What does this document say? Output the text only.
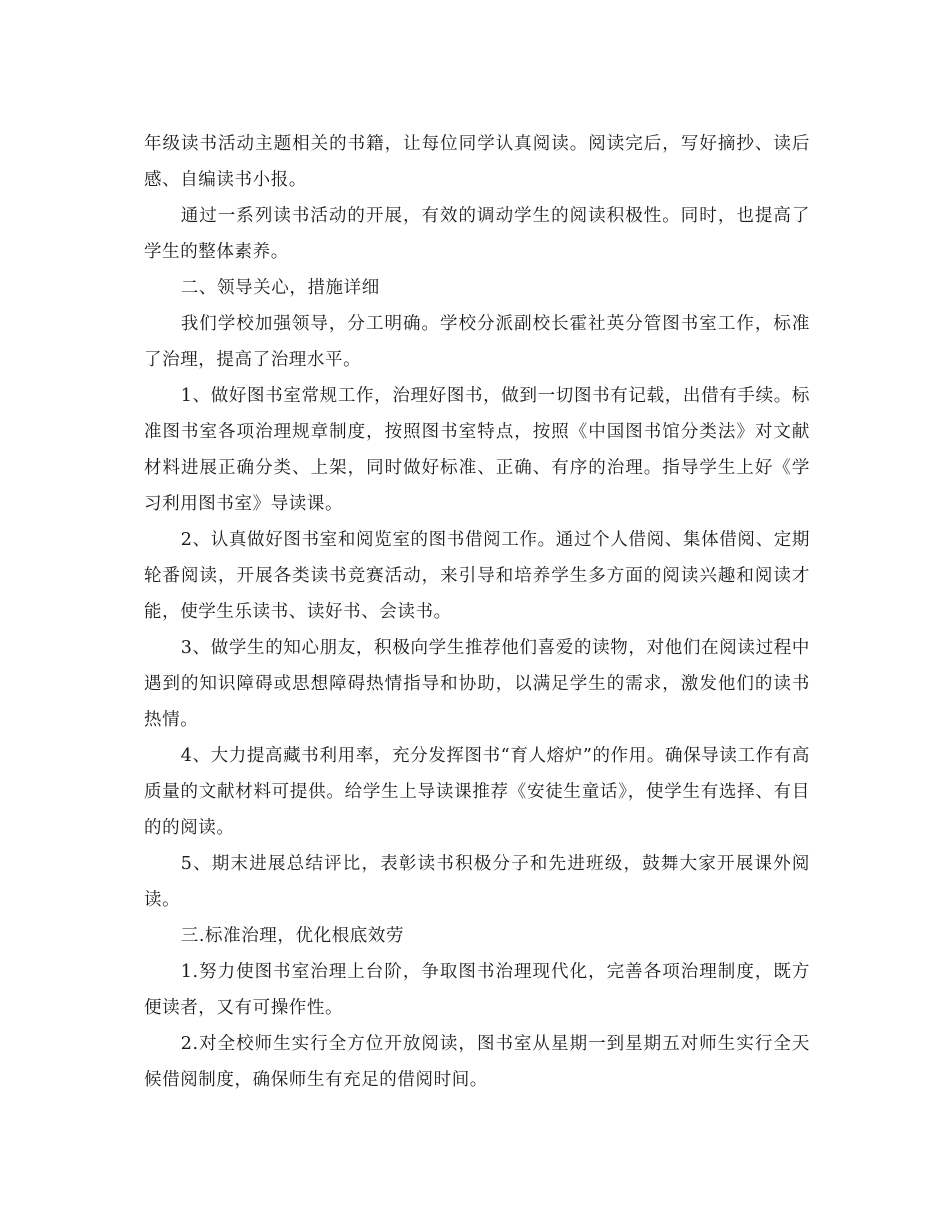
年级读书活动主题相关的书籍，让每位同学认真阅读。阅读完后，写好摘抄、读后感、自编读书小报。

通过一系列读书活动的开展，有效的调动学生的阅读积极性。同时，也提高了学生的整体素养。

二、领导关心，措施详细

我们学校加强领导，分工明确。学校分派副校长霍社英分管图书室工作，标准了治理，提高了治理水平。

1、做好图书室常规工作，治理好图书，做到一切图书有记载，出借有手续。标准图书室各项治理规章制度，按照图书室特点，按照《中国图书馆分类法》对文献材料进展正确分类、上架，同时做好标准、正确、有序的治理。指导学生上好《学习利用图书室》导读课。

2、认真做好图书室和阅览室的图书借阅工作。通过个人借阅、集体借阅、定期轮番阅读，开展各类读书竞赛活动，来引导和培养学生多方面的阅读兴趣和阅读才能，使学生乐读书、读好书、会读书。

3、做学生的知心朋友，积极向学生推荐他们喜爱的读物，对他们在阅读过程中遇到的知识障碍或思想障碍热情指导和协助，以满足学生的需求，激发他们的读书热情。

4、大力提高藏书利用率，充分发挥图书“育人熔炉”的作用。确保导读工作有高质量的文献材料可提供。给学生上导读课推荐《安徒生童话》，使学生有选择、有目的的阅读。

5、期末进展总结评比，表彰读书积极分子和先进班级，鼓舞大家开展课外阅读。

三.标准治理，优化根底效劳

1.努力使图书室治理上台阶，争取图书治理现代化，完善各项治理制度，既方便读者，又有可操作性。

2.对全校师生实行全方位开放阅读，图书室从星期一到星期五对师生实行全天候借阅制度，确保师生有充足的借阅时间。
